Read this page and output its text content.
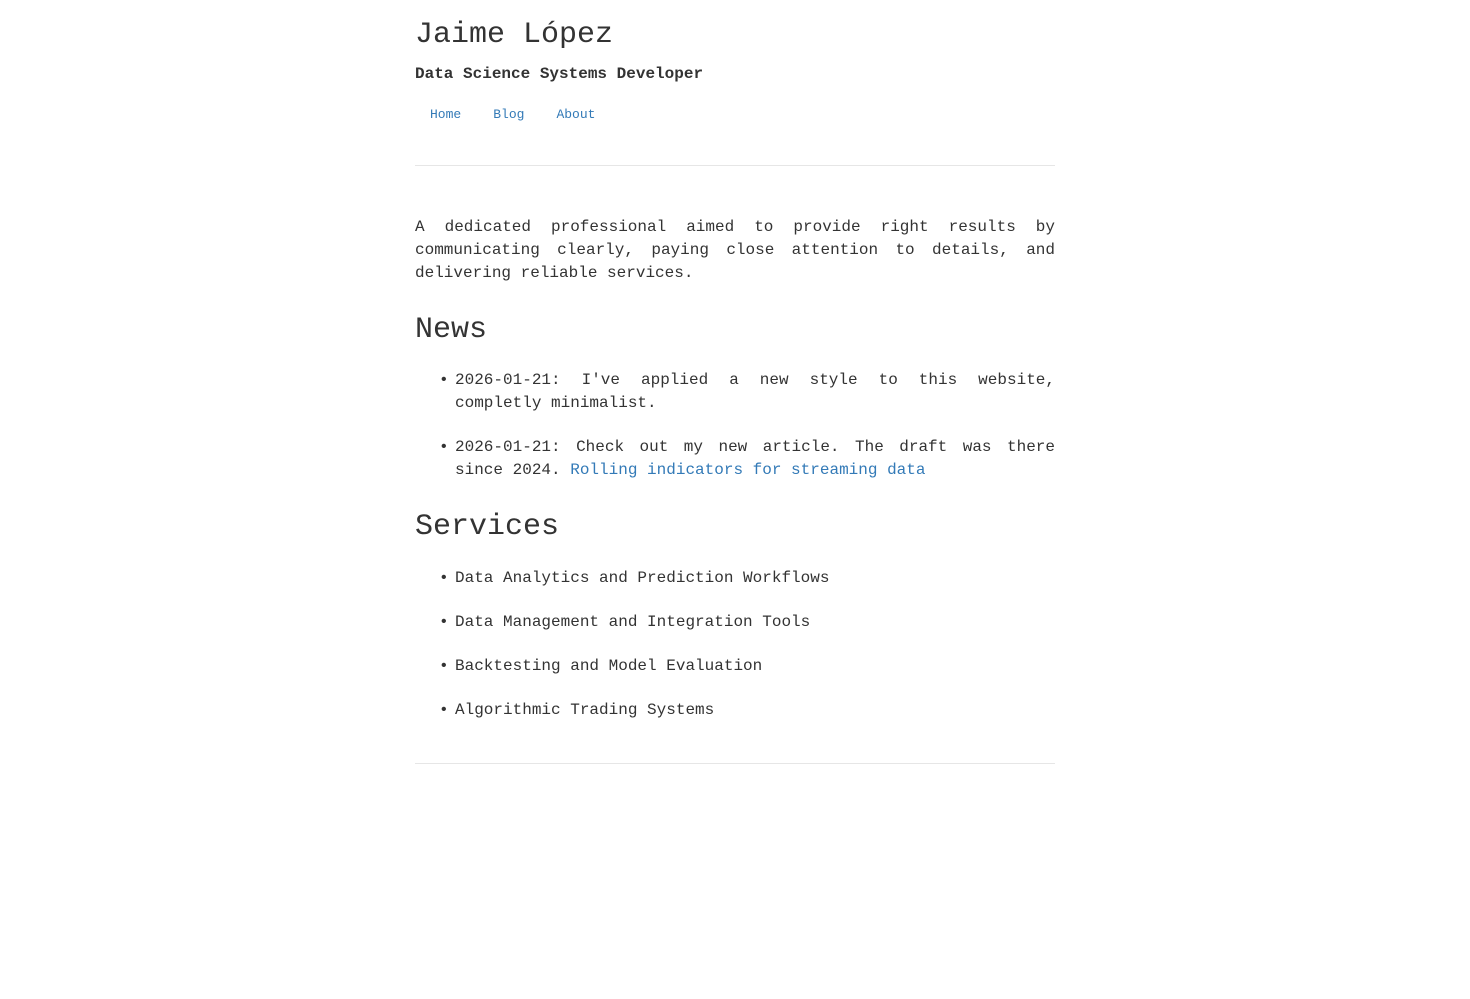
Jaime López
Data Science Systems Developer
Home Blog About

A dedicated professional aimed to provide right results by communicating clearly, paying close attention to details, and delivering reliable services.

News
• 2026-01-21: I've applied a new style to this website, completly minimalist.
• 2026-01-21: Check out my new article. The draft was there since 2024. Rolling indicators for streaming data
Services
• Data Analytics and Prediction Workflows
• Data Management and Integration Tools
• Backtesting and Model Evaluation
• Algorithmic Trading Systems
